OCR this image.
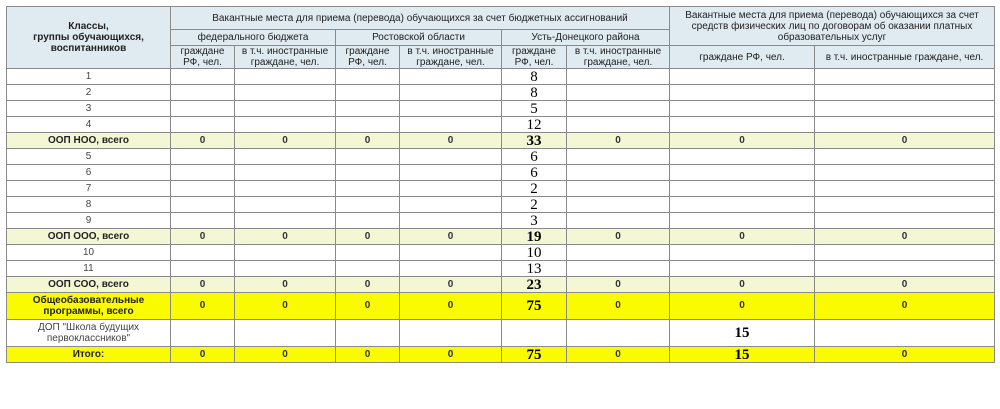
Классы,
группы обучающихся,
воспитанников	Вакантные места для приема (перевода) обучающихся за счет бюджетных ассигнований						Вакантные места для приема (перевода) обучающихся за счет средств физических лиц по договорам об оказании платных образовательных услуг	
	федерального бюджета		Ростовской области		Усть-Донецкого района			
	граждане РФ, чел.	в т.ч. иностранные граждане, чел.	граждане РФ, чел.	в т.ч. иностранные граждане, чел.	граждане РФ, чел.	в т.ч. иностранные граждане, чел.	граждане РФ, чел.	в т.ч. иностранные граждане, чел.
1					8			
2					8			
3					5			
4					12			
ООП НОО, всего	0	0	0	0	33	0	0	0
5					6			
6					6			
7					2			
8					2			
9					3			
ООП ООО, всего	0	0	0	0	19	0	0	0
10					10			
11					13			
ООП СОО, всего	0	0	0	0	23	0	0	0
Общеобазовательные программы, всего	0	0	0	0	75	0	0	0
ДОП "Школа будущих первоклассников"							15	
Итого:	0	0	0	0	75	0	15	0
